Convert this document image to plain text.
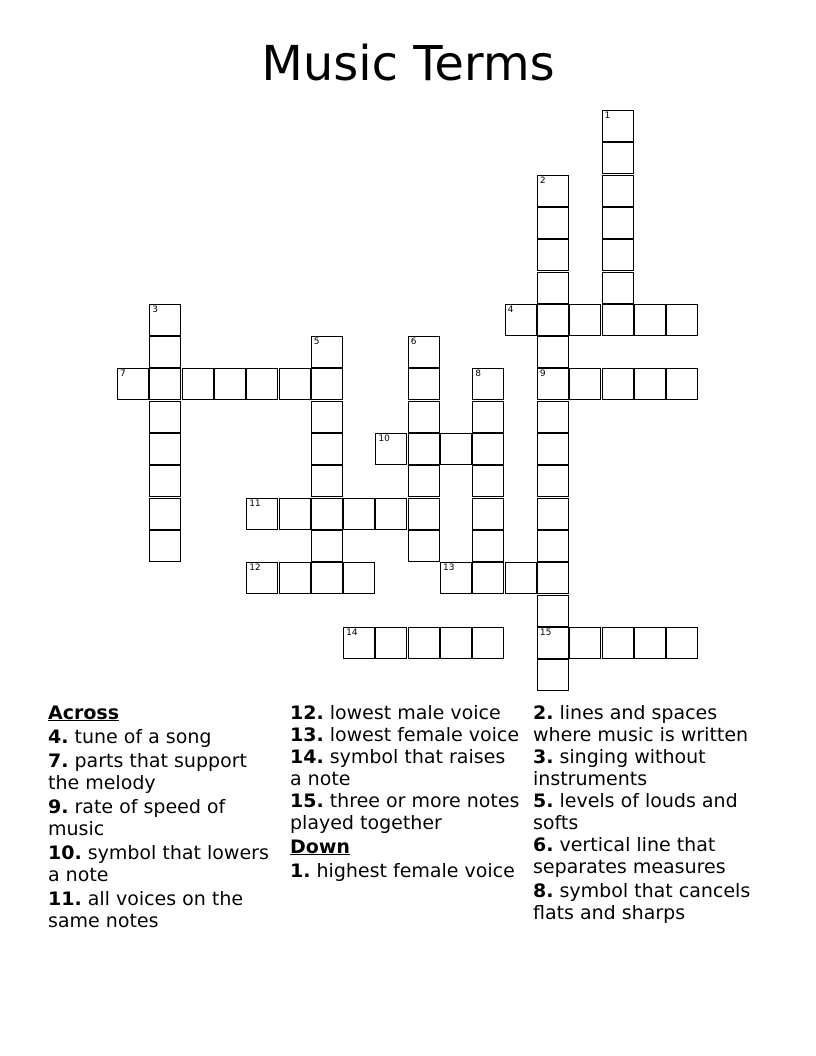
Music Terms
1
2
9
15
3	4
5	6
7	8
10
11
12	13
14
Across
4. tune of a song
7. parts that support the melody
9. rate of speed of music
10. symbol that lowers a note
11. all voices on the same notes
12. lowest male voice
13. lowest female voice
14. symbol that raises a note
15. three or more notes played together
Down
1. highest female voice
2. lines and spaces where music is written
3. singing without instruments
5. levels of louds and softs
6. vertical line that separates measures
8. symbol that cancels flats and sharps
